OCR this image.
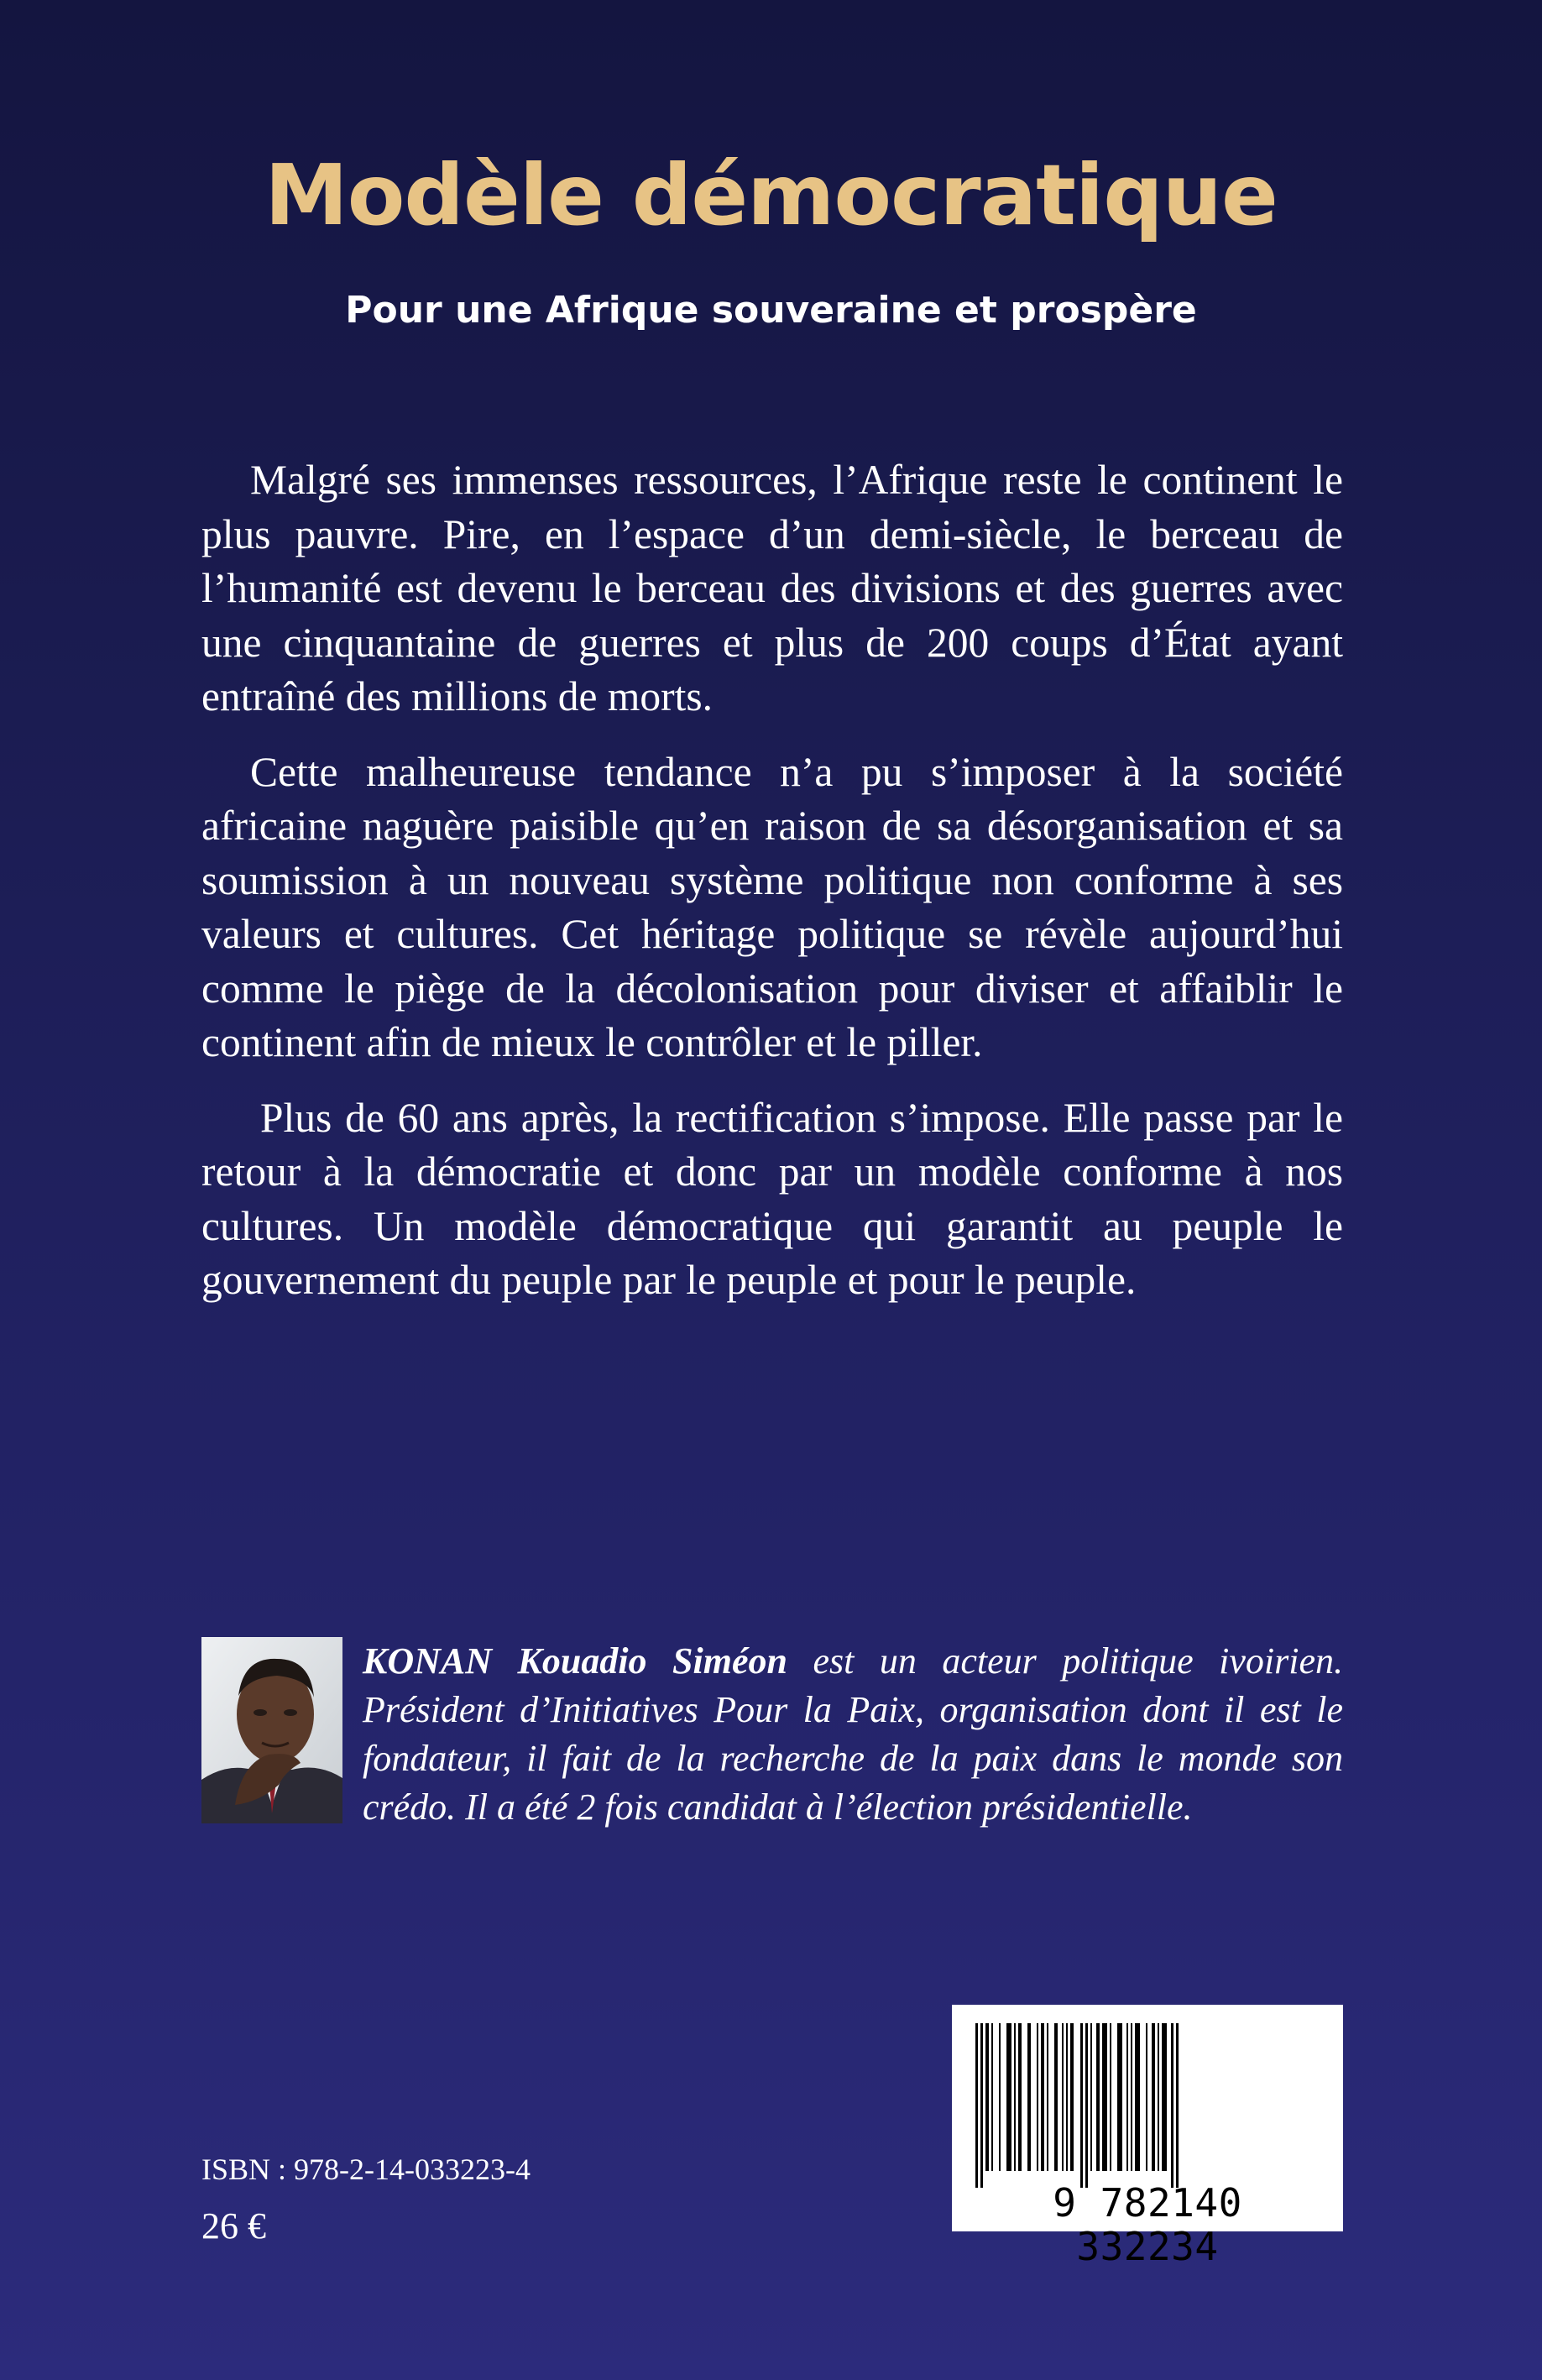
Modèle démocratique
Pour une Afrique souveraine et prospère

Malgré ses immenses ressources, l’Afrique reste le continent le plus pauvre. Pire, en l’espace d’un demi-siècle, le berceau de l’humanité est devenu le berceau des divisions et des guerres avec une cinquantaine de guerres et plus de 200 coups d’État ayant entraîné des millions de morts.

Cette malheureuse tendance n’a pu s’imposer à la société africaine naguère paisible qu’en raison de sa désorganisation et sa soumission à un nouveau système politique non conforme à ses valeurs et cultures. Cet héritage politique se révèle aujourd’hui comme le piège de la décolonisation pour diviser et affaiblir le continent afin de mieux le contrôler et le piller.

Plus de 60 ans après, la rectification s’impose. Elle passe par le retour à la démocratie et donc par un modèle conforme à nos cultures. Un modèle démocratique qui garantit au peuple le gouvernement du peuple par le peuple et pour le peuple.

KONAN Kouadio Siméon est un acteur politique ivoirien. Président d’Initiatives Pour la Paix, organisation dont il est le fondateur, il fait de la recherche de la paix dans le monde son crédo. Il a été 2 fois candidat à l’élection présidentielle.

9 782140 332234

ISBN : 978-2-14-033223-4

26 €
